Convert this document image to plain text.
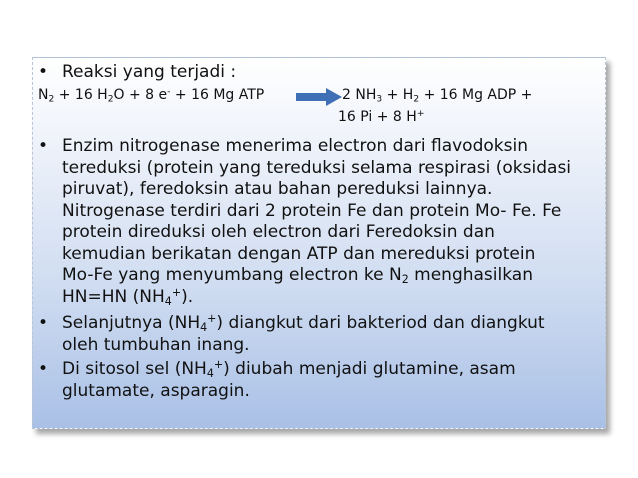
• Reaksi yang terjadi :
$N_2 + 16$ $H_2O + 8$ e- + 16 Mg ATP → 2 $NH_3 + H_2 + 16$ Mg ADP +
16 Pi + 8 H+
• Enzim nitrogenase menerima electron dari flavodoksin
tereduksi (protein yang tereduksi selama respirasi (oksidasi
piruvat), feredoksin atau bahan pereduksi lainnya.
Nitrogenase terdiri dari 2 protein Fe dan protein Mo- Fe. Fe
protein direduksi oleh electron dari Feredoksin dan
kemudian berikatan dengan ATP dan mereduksi protein
Mo-Fe yang menyumbang electron ke $N_2$ menghasilkan
HN=HN $(NH_4^+)$.
• Selanjutnya $(NH_4^+)$ diangkut dari bakteriod dan diangkut
oleh tumbuhan inang.
• Di sitosol sel $(NH_4^+)$ diubah menjadi glutamine, asam
glutamate, asparagin.
